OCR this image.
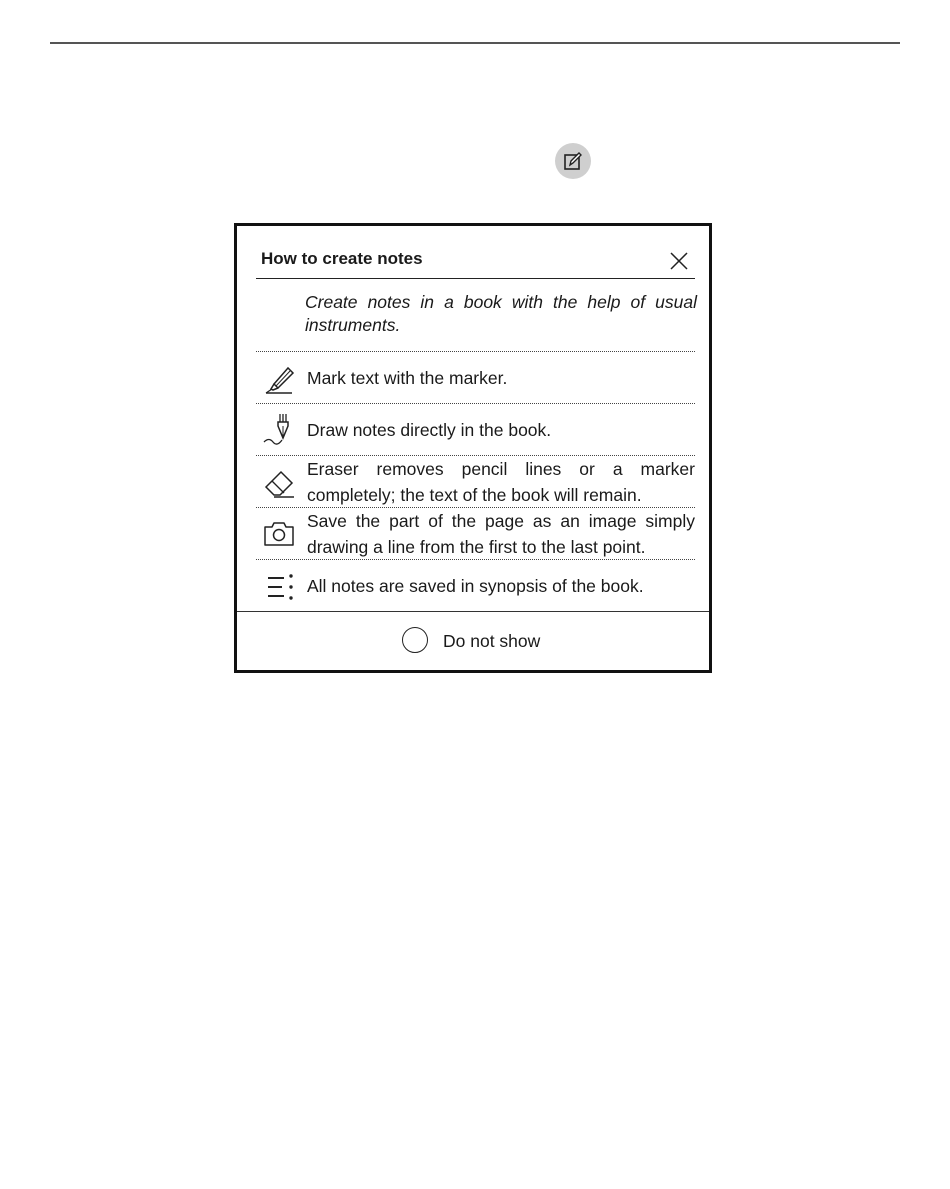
How to create notes
Create notes in a book with the help of usual instruments.
Mark text with the marker.
Draw notes directly in the book.
Eraser removes pencil lines or a marker completely; the text of the book will remain.
Save the part of the page as an image simply drawing a line from the first to the last point.
All notes are saved in synopsis of the book.
Do not show
